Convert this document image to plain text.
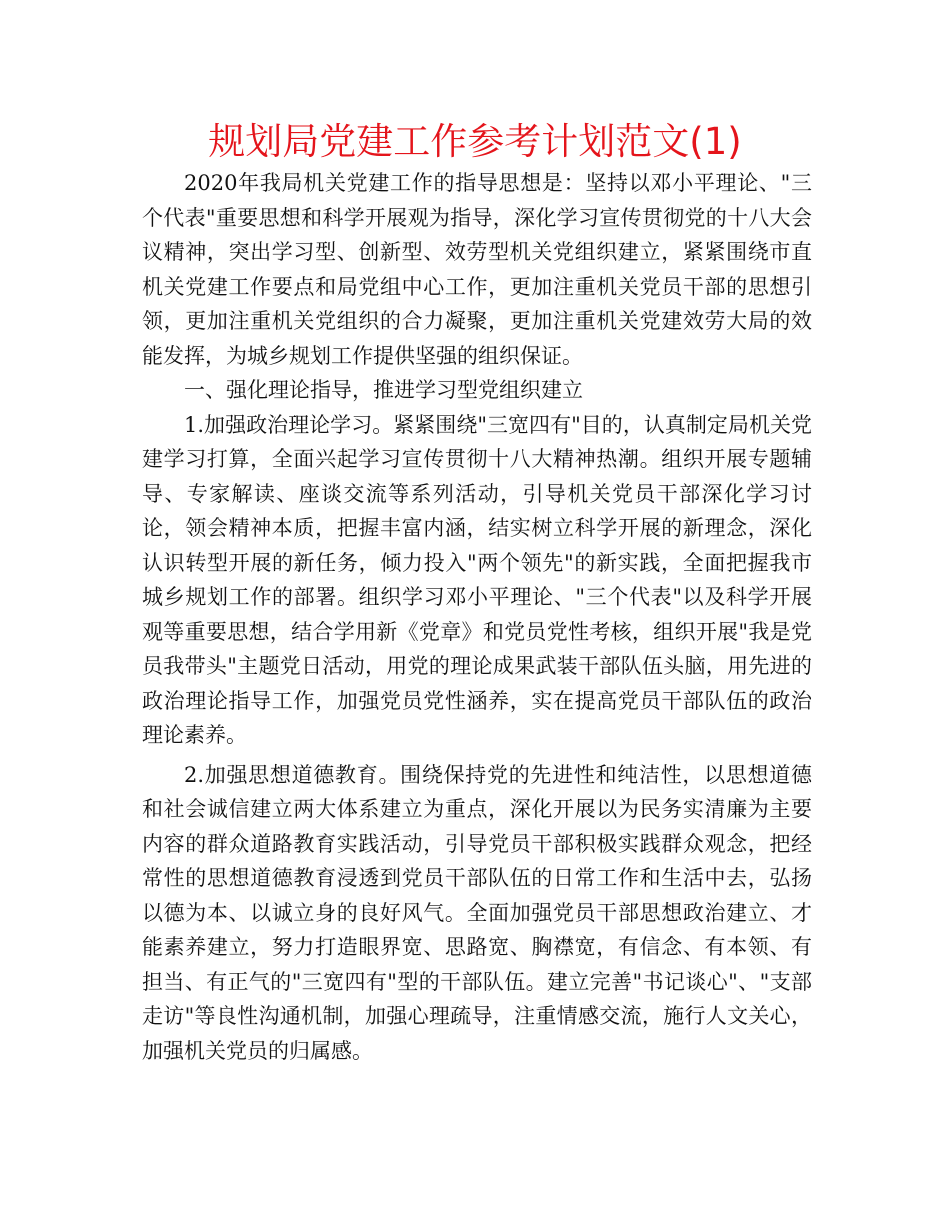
规划局党建工作参考计划范文(1)

2020年我局机关党建工作的指导思想是：坚持以邓小平理论、"三个代表"重要思想和科学开展观为指导，深化学习宣传贯彻党的十八大会议精神，突出学习型、创新型、效劳型机关党组织建立，紧紧围绕市直机关党建工作要点和局党组中心工作，更加注重机关党员干部的思想引领，更加注重机关党组织的合力凝聚，更加注重机关党建效劳大局的效能发挥，为城乡规划工作提供坚强的组织保证。

一、强化理论指导，推进学习型党组织建立

1.加强政治理论学习。紧紧围绕"三宽四有"目的，认真制定局机关党建学习打算，全面兴起学习宣传贯彻十八大精神热潮。组织开展专题辅导、专家解读、座谈交流等系列活动，引导机关党员干部深化学习讨论，领会精神本质，把握丰富内涵，结实树立科学开展的新理念，深化认识转型开展的新任务，倾力投入"两个领先"的新实践，全面把握我市城乡规划工作的部署。组织学习邓小平理论、"三个代表"以及科学开展观等重要思想，结合学用新《党章》和党员党性考核，组织开展"我是党员我带头"主题党日活动，用党的理论成果武装干部队伍头脑，用先进的政治理论指导工作，加强党员党性涵养，实在提高党员干部队伍的政治理论素养。

2.加强思想道德教育。围绕保持党的先进性和纯洁性，以思想道德和社会诚信建立两大体系建立为重点，深化开展以为民务实清廉为主要内容的群众道路教育实践活动，引导党员干部积极实践群众观念，把经常性的思想道德教育浸透到党员干部队伍的日常工作和生活中去，弘扬以德为本、以诚立身的良好风气。全面加强党员干部思想政治建立、才能素养建立，努力打造眼界宽、思路宽、胸襟宽，有信念、有本领、有担当、有正气的"三宽四有"型的干部队伍。建立完善"书记谈心"、"支部走访"等良性沟通机制，加强心理疏导，注重情感交流，施行人文关心，加强机关党员的归属感。
